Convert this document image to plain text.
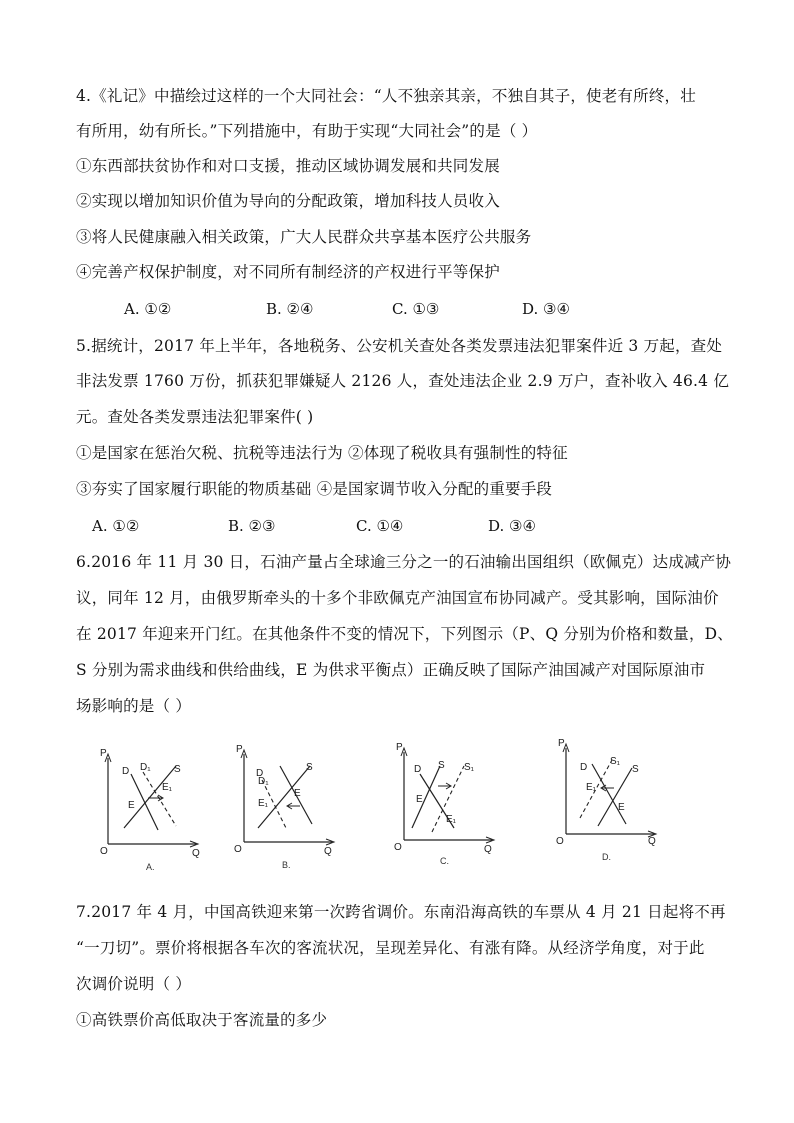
4.《礼记》中描绘过这样的一个大同社会：“人不独亲其亲，不独自其子，使老有所终，壮
有所用，幼有所长。”下列措施中，有助于实现“大同社会”的是（ ）
①东西部扶贫协作和对口支援，推动区域协调发展和共同发展
②实现以增加知识价值为导向的分配政策，增加科技人员收入
③将人民健康融入相关政策，广大人民群众共享基本医疗公共服务
④完善产权保护制度，对不同所有制经济的产权进行平等保护
A. ①②	B. ②④	C. ①③	D. ③④
5.据统计，2017 年上半年，各地税务、公安机关查处各类发票违法犯罪案件近 3 万起，查处
非法发票 1760 万份，抓获犯罪嫌疑人 2126 人，查处违法企业 2.9 万户，查补收入 46.4 亿
元。查处各类发票违法犯罪案件( )
①是国家在惩治欠税、抗税等违法行为 ②体现了税收具有强制性的特征
③夯实了国家履行职能的物质基础 ④是国家调节收入分配的重要手段
A. ①②	B. ②③	C. ①④	D. ③④
6.2016 年 11 月 30 日，石油产量占全球逾三分之一的石油输出国组织（欧佩克）达成减产协
议，同年 12 月，由俄罗斯牵头的十多个非欧佩克产油国宣布协同减产。受其影响，国际油价
在 2017 年迎来开门红。在其他条件不变的情况下，下列图示（P、Q 分别为价格和数量，D、
S 分别为需求曲线和供给曲线，E 为供求平衡点）正确反映了国际产油国减产对国际原油市
场影响的是（ ）
P
O	Q
D D₁ S
E
E₁
A.
P
O	Q
D
D₁
S
E
E₁
B.
P
O	Q
D S S₁
E
E₁
C.
P
O	Q
D
S₁
S
E₁
E
D.
7.2017 年 4 月，中国高铁迎来第一次跨省调价。东南沿海高铁的车票从 4 月 21 日起将不再
“一刀切”。票价将根据各车次的客流状况，呈现差异化、有涨有降。从经济学角度，对于此
次调价说明（ ）
①高铁票价高低取决于客流量的多少
